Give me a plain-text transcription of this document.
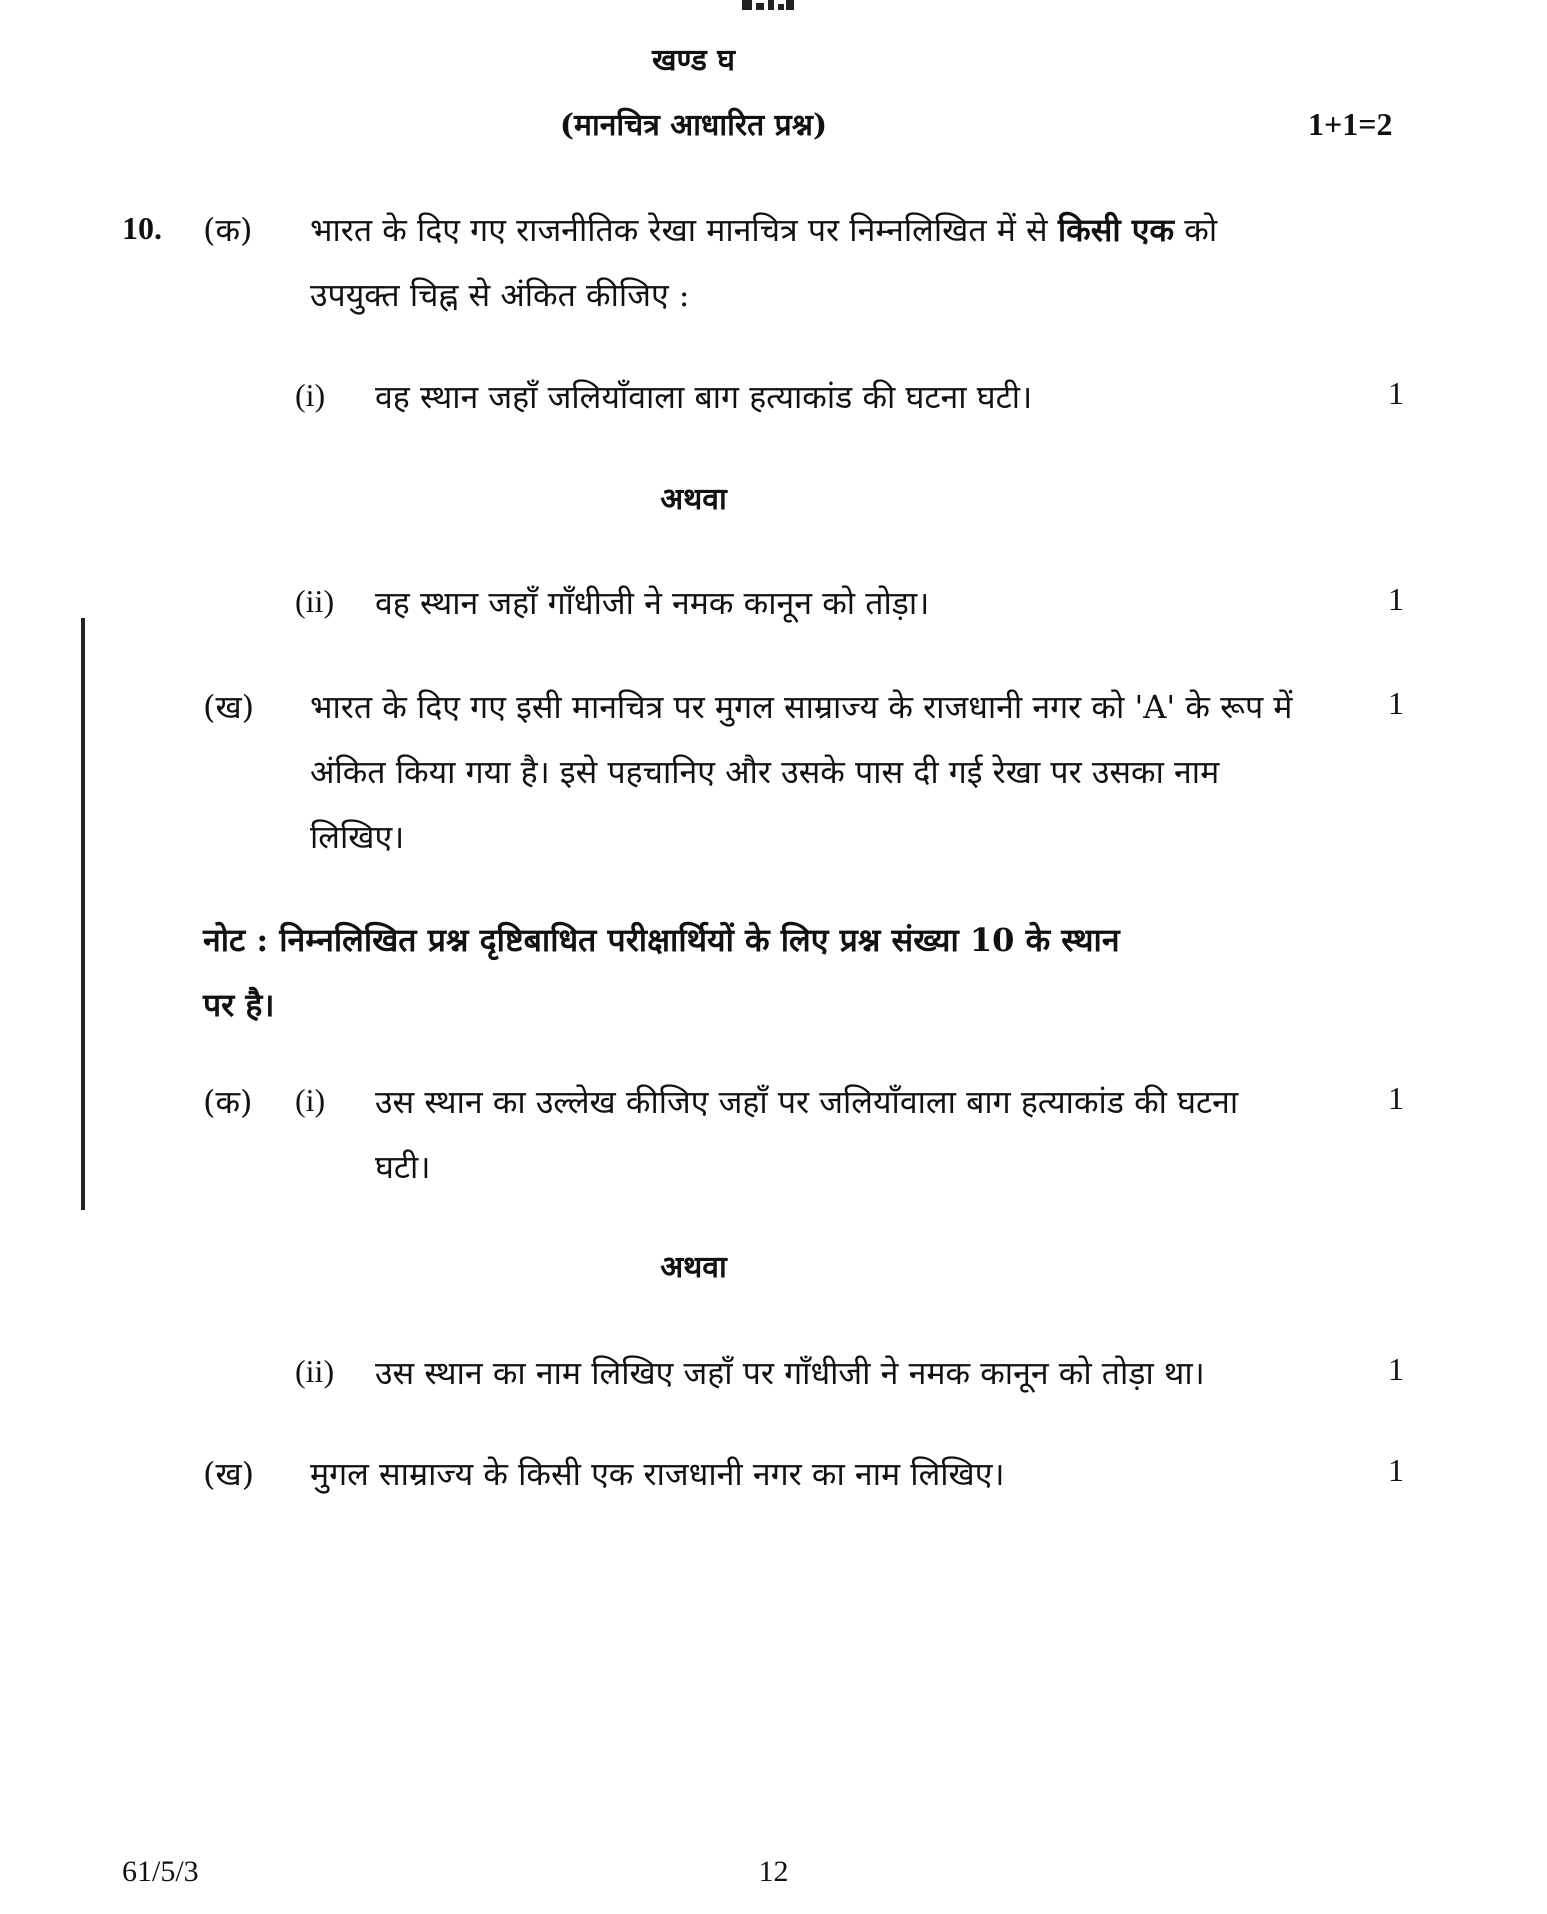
खण्ड घ
(मानचित्र आधारित प्रश्न)	1+1=2
10. (क) भारत के दिए गए राजनीतिक रेखा मानचित्र पर निम्नलिखित में से किसी एक को
उपयुक्त चिह्न से अंकित कीजिए :
(i) वह स्थान जहाँ जलियाँवाला बाग हत्याकांड की घटना घटी।	1
अथवा
(ii) वह स्थान जहाँ गाँधीजी ने नमक कानून को तोड़ा।	1
(ख) भारत के दिए गए इसी मानचित्र पर मुगल साम्राज्य के राजधानी नगर को 'A' के रूप में	1
अंकित किया गया है। इसे पहचानिए और उसके पास दी गई रेखा पर उसका नाम
लिखिए।
नोट : निम्नलिखित प्रश्न दृष्टिबाधित परीक्षार्थियों के लिए प्रश्न संख्या 10 के स्थान
पर है।
(क) (i) उस स्थान का उल्लेख कीजिए जहाँ पर जलियाँवाला बाग हत्याकांड की घटना	1
घटी।
अथवा
(ii) उस स्थान का नाम लिखिए जहाँ पर गाँधीजी ने नमक कानून को तोड़ा था।	1
(ख) मुगल साम्राज्य के किसी एक राजधानी नगर का नाम लिखिए।	1
61/5/3	12
